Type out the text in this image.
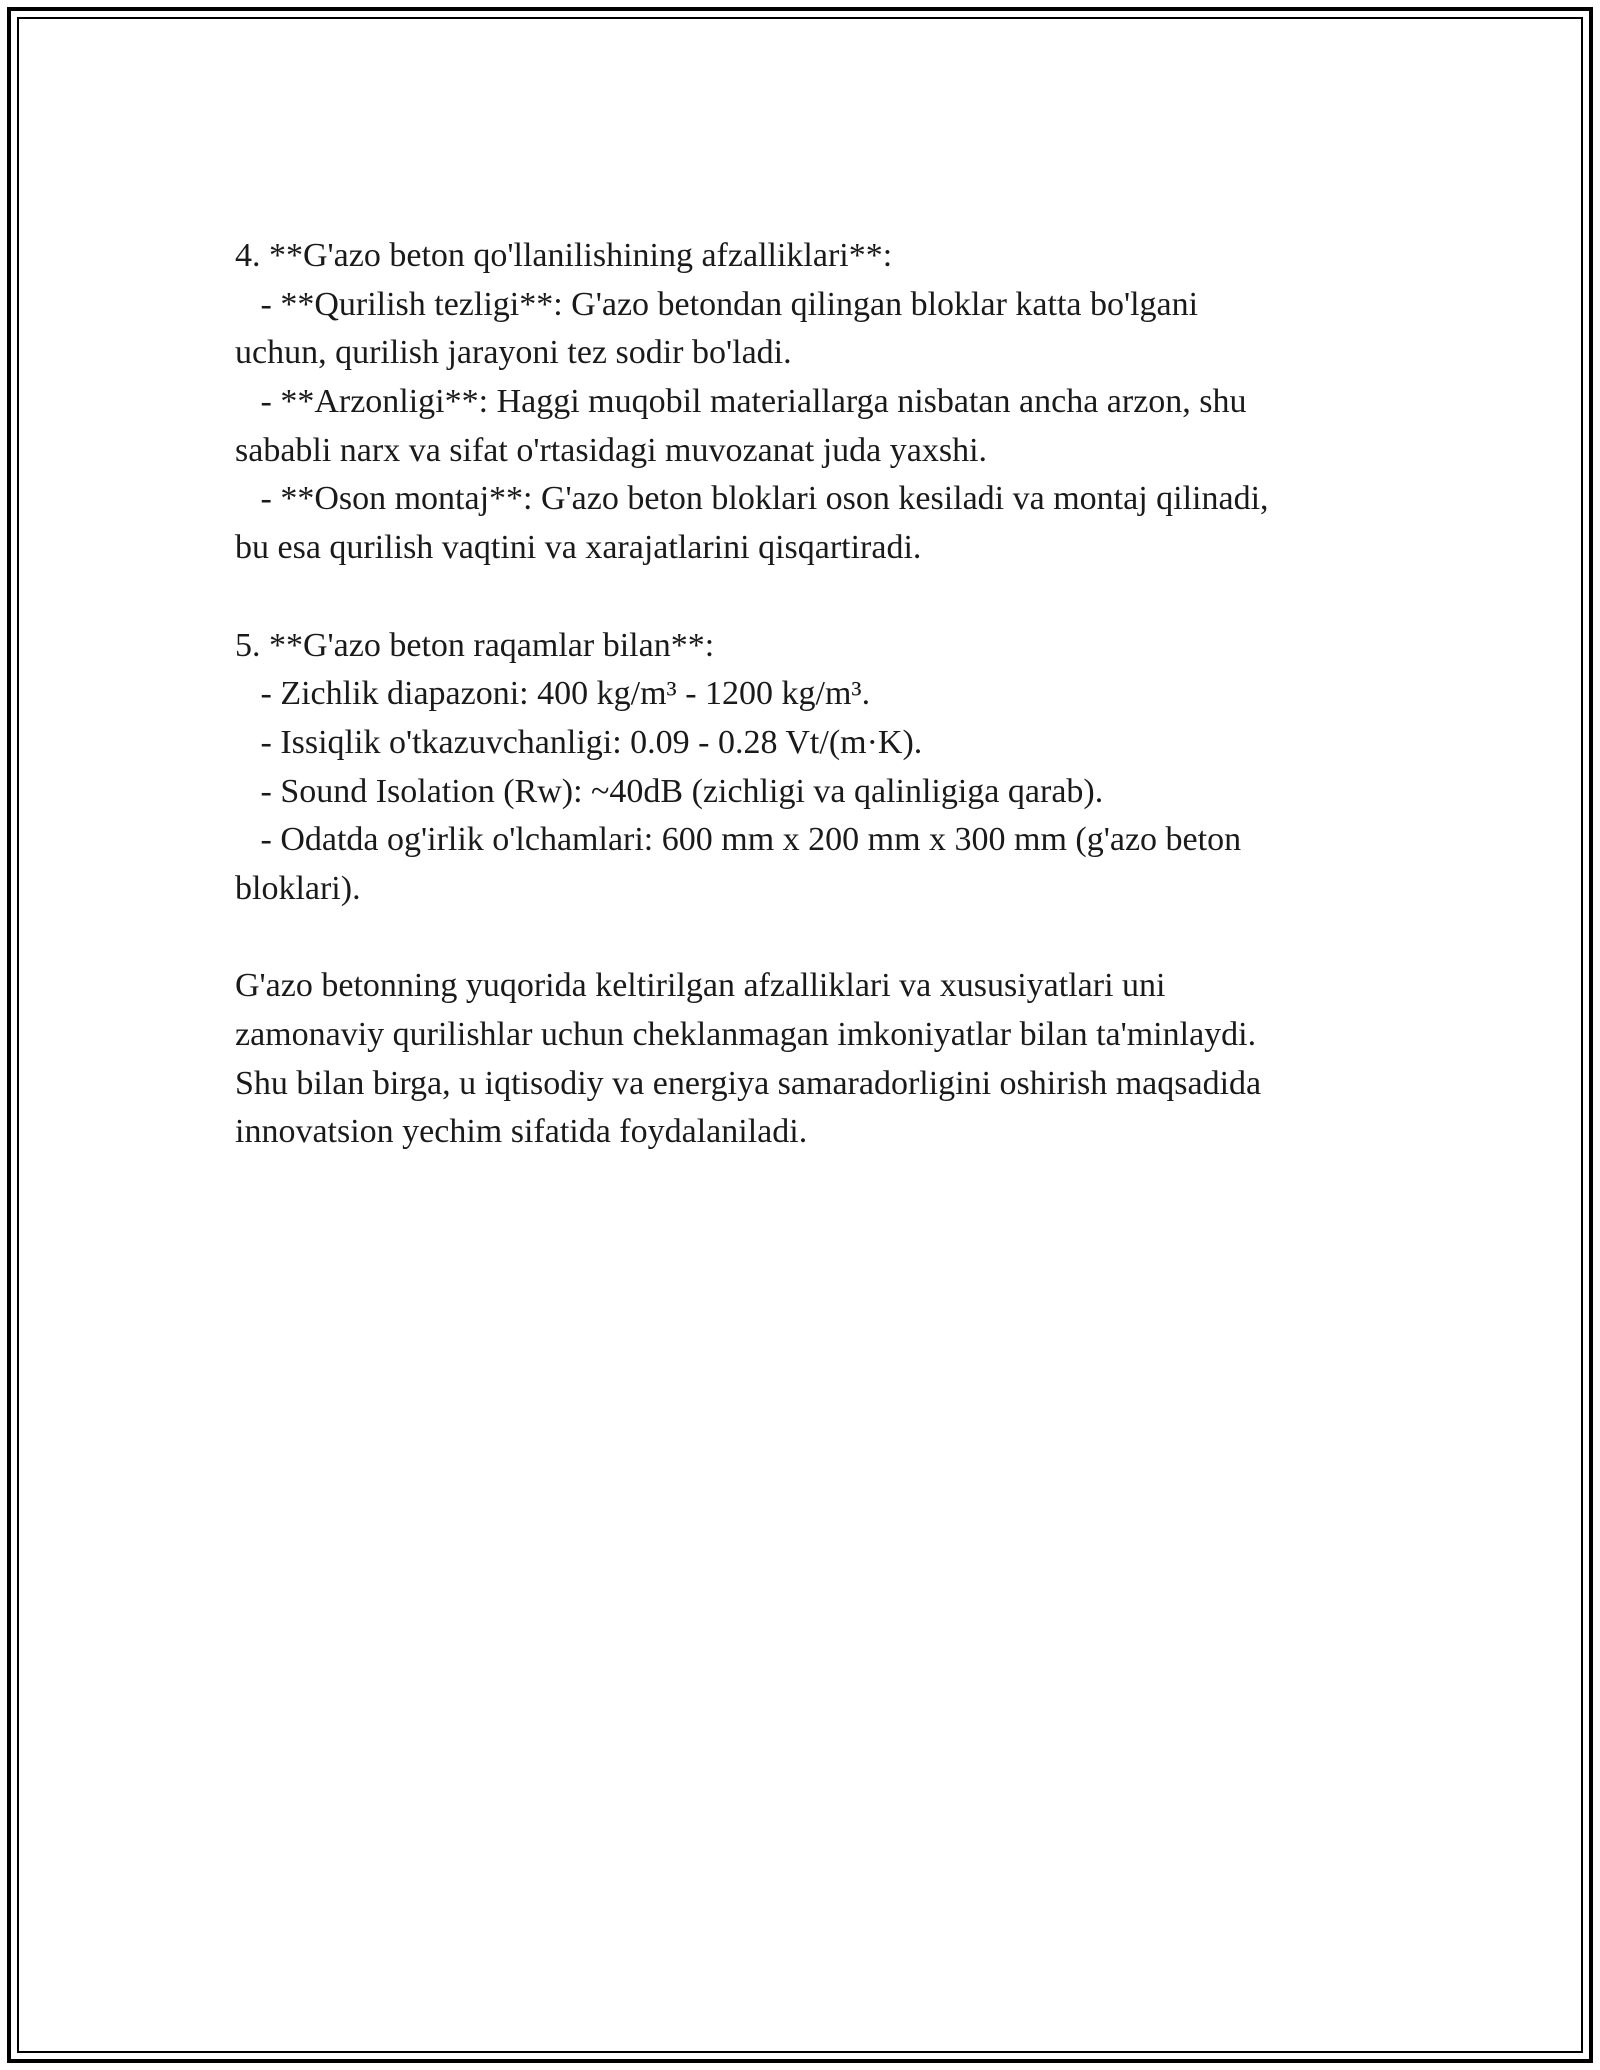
4. **G'azo beton qo'llanilishining afzalliklari**:

- **Qurilish tezligi**: G'azo betondan qilingan bloklar katta bo'lgani

uchun, qurilish jarayoni tez sodir bo'ladi.

- **Arzonligi**: Haggi muqobil materiallarga nisbatan ancha arzon, shu

sababli narx va sifat o'rtasidagi muvozanat juda yaxshi.

- **Oson montaj**: G'azo beton bloklari oson kesiladi va montaj qilinadi,

bu esa qurilish vaqtini va xarajatlarini qisqartiradi.

5. **G'azo beton raqamlar bilan**:

- Zichlik diapazoni: 400 kg/m³ - 1200 kg/m³.

- Issiqlik o'tkazuvchanligi: 0.09 - 0.28 Vt/(m·K).

- Sound Isolation (Rw): ~40dB (zichligi va qalinligiga qarab).

- Odatda og'irlik o'lchamlari: 600 mm x 200 mm x 300 mm (g'azo beton

bloklari).

G'azo betonning yuqorida keltirilgan afzalliklari va xususiyatlari uni

zamonaviy qurilishlar uchun cheklanmagan imkoniyatlar bilan ta'minlaydi.

Shu bilan birga, u iqtisodiy va energiya samaradorligini oshirish maqsadida

innovatsion yechim sifatida foydalaniladi.
